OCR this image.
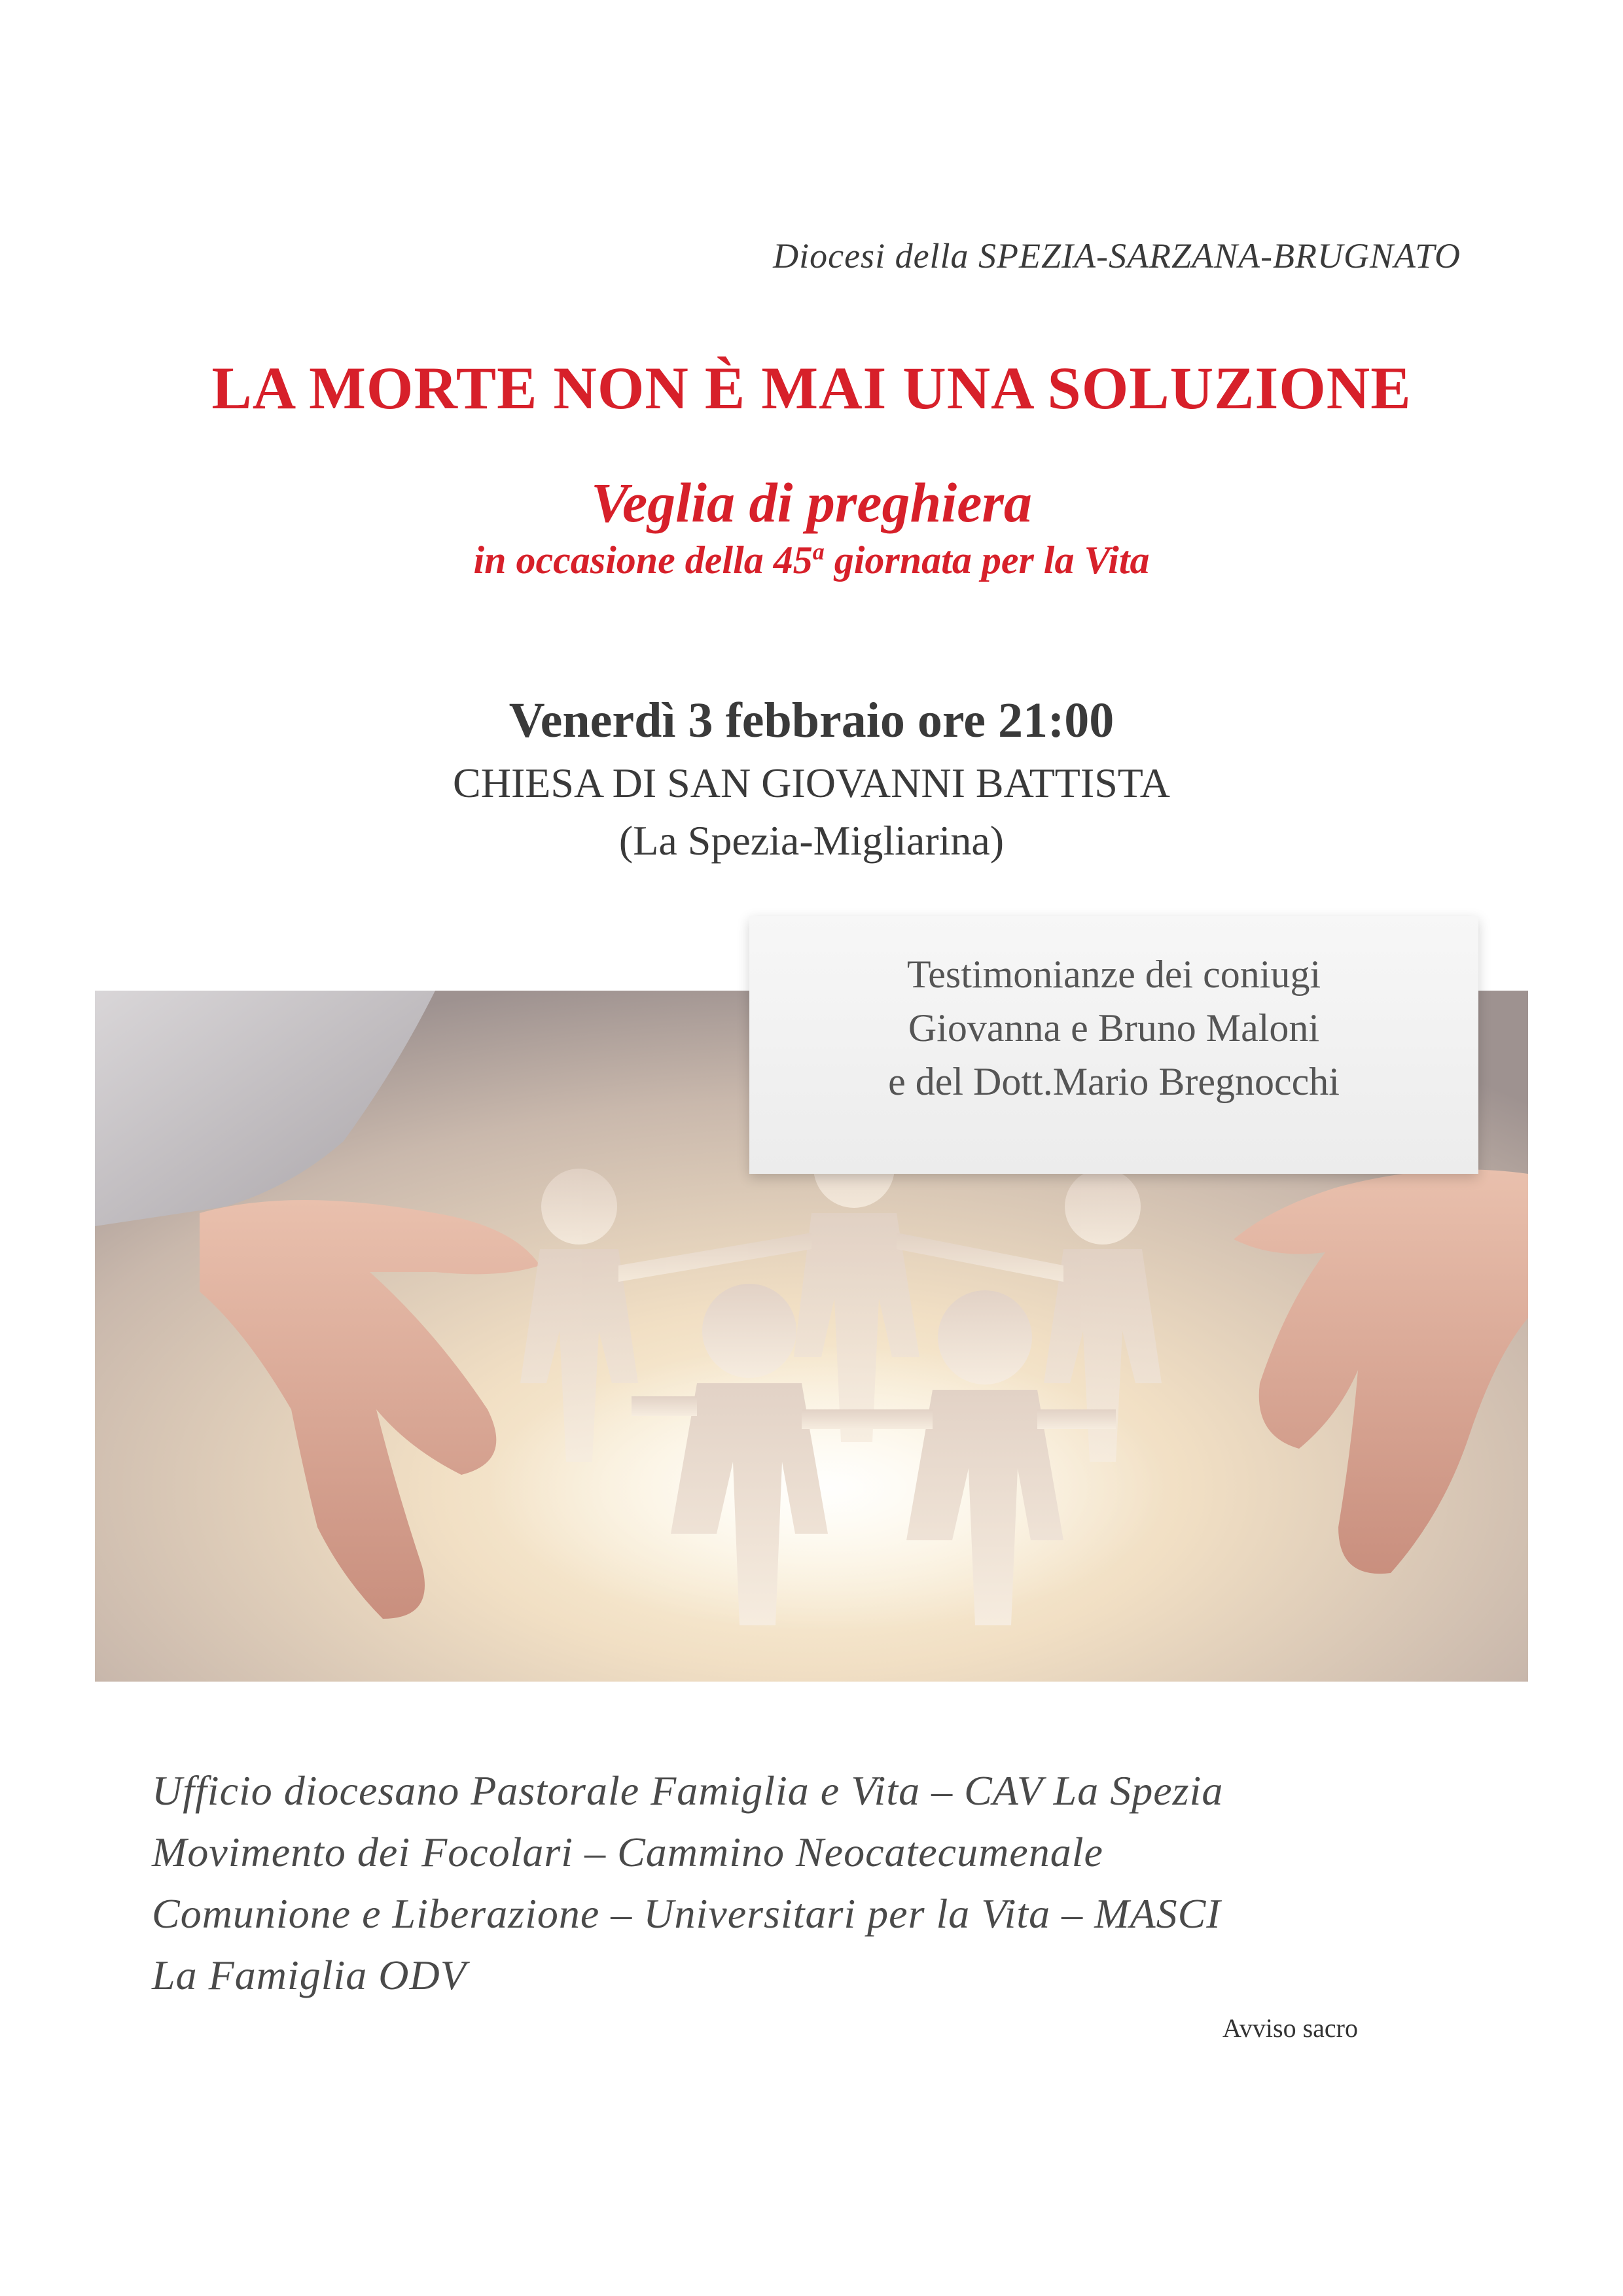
Diocesi della SPEZIA-SARZANA-BRUGNATO
LA MORTE NON È MAI UNA SOLUZIONE
Veglia di preghiera
in occasione della 45$^a$ giornata per la Vita
Venerdì 3 febbraio ore 21:00
CHIESA DI SAN GIOVANNI BATTISTA
(La Spezia-Migliarina)
Testimonianze dei coniugi
Giovanna e Bruno Maloni
e del Dott.Mario Bregnocchi
Ufficio diocesano Pastorale Famiglia e Vita – CAV La Spezia
Movimento dei Focolari – Cammino Neocatecumenale
Comunione e Liberazione – Universitari per la Vita – MASCI
La Famiglia ODV
Avviso sacro
